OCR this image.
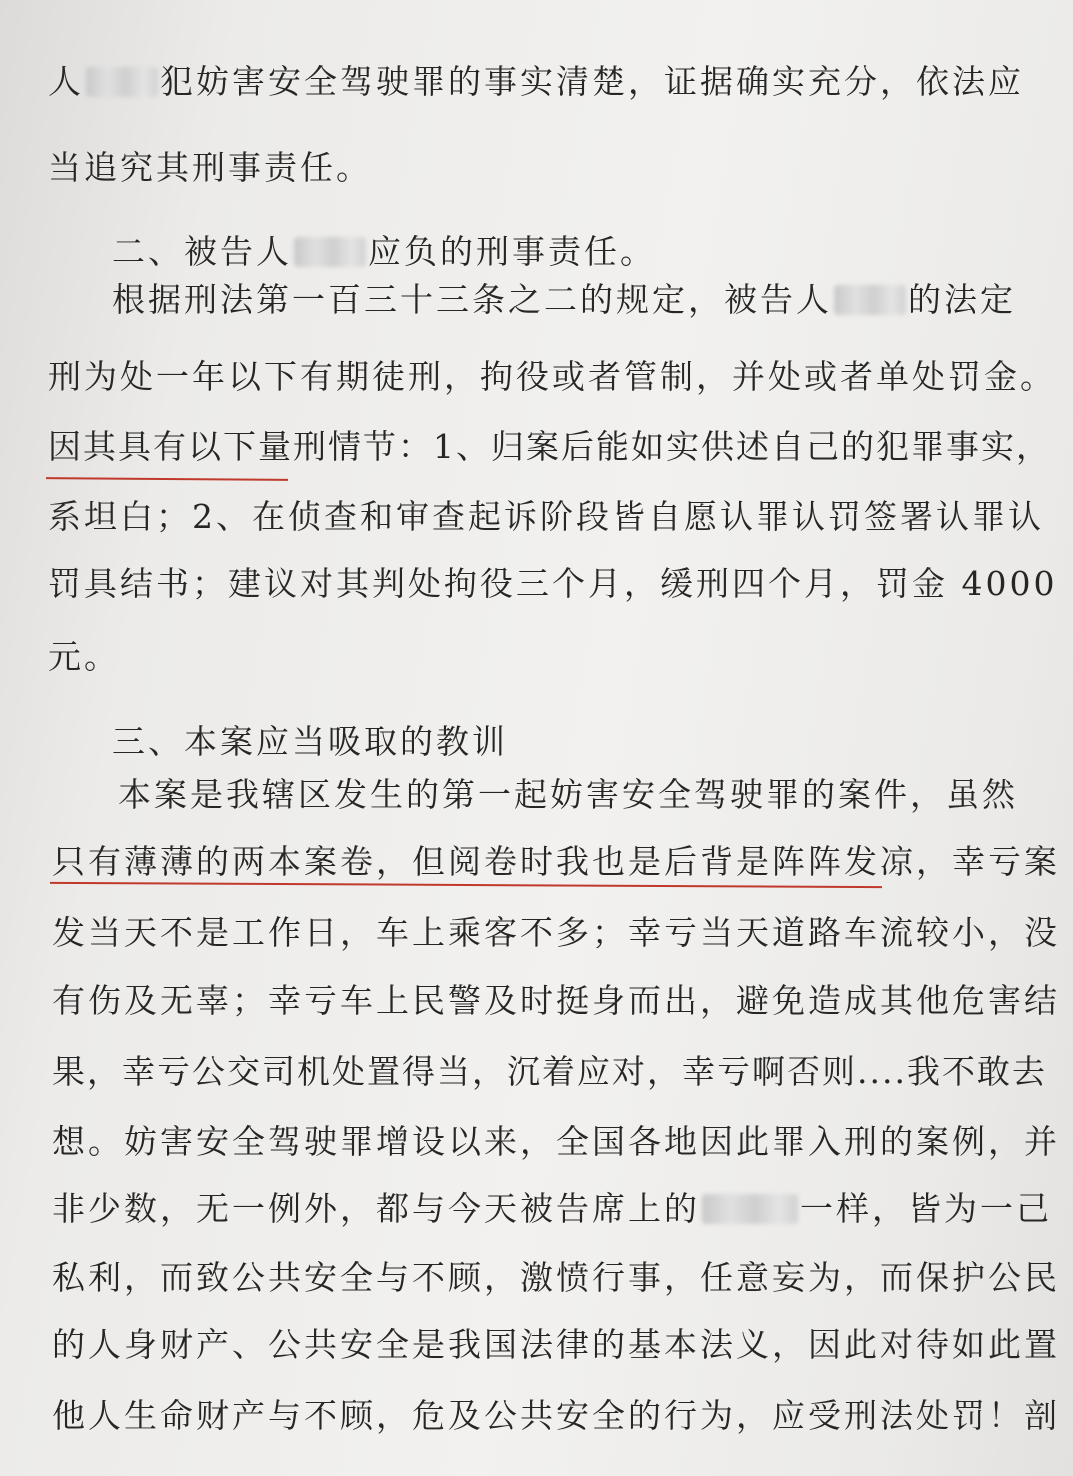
人 犯妨害安全驾驶罪的事实清楚，证据确实充分，依法应
当追究其刑事责任。
二、被告人 应负的刑事责任。
根据刑法第一百三十三条之二的规定，被告人 的法定
刑为处一年以下有期徒刑，拘役或者管制，并处或者单处罚金。
因其具有以下量刑情节：1、归案后能如实供述自己的犯罪事实，
系坦白；2、在侦查和审查起诉阶段皆自愿认罪认罚签署认罪认
罚具结书；建议对其判处拘役三个月，缓刑四个月，罚金 4000
元。
三、本案应当吸取的教训
本案是我辖区发生的第一起妨害安全驾驶罪的案件，虽然
只有薄薄的两本案卷，但阅卷时我也是后背是阵阵发凉，幸亏案
发当天不是工作日，车上乘客不多；幸亏当天道路车流较小，没
有伤及无辜；幸亏车上民警及时挺身而出，避免造成其他危害结
果，幸亏公交司机处置得当，沉着应对，幸亏啊否则....我不敢去
想。妨害安全驾驶罪增设以来，全国各地因此罪入刑的案例，并
非少数，无一例外，都与今天被告席上的	一样，皆为一己
私利，而致公共安全与不顾，激愤行事，任意妄为，而保护公民
的人身财产、公共安全是我国法律的基本法义，因此对待如此置
他人生命财产与不顾，危及公共安全的行为，应受刑法处罚！剖
